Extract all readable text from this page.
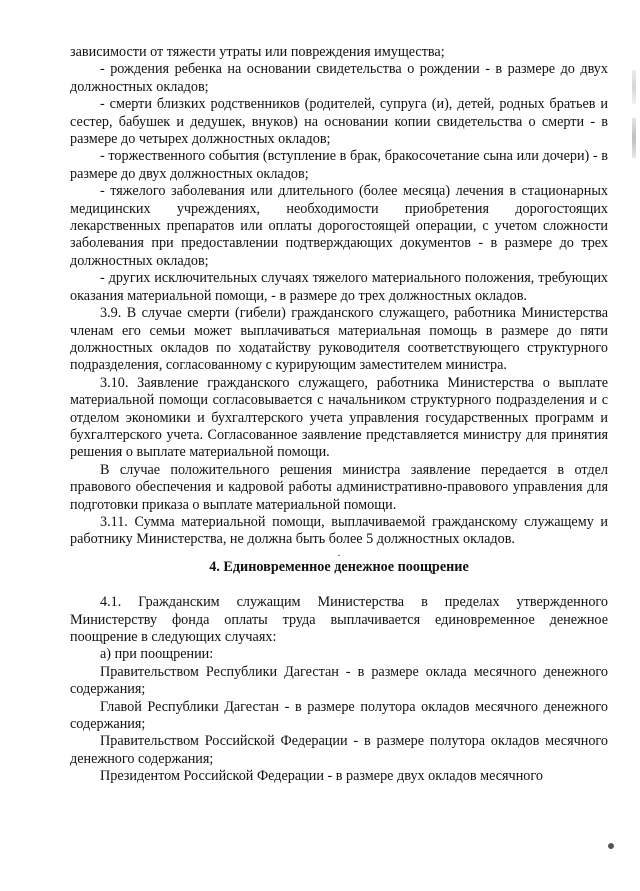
зависимости от тяжести утраты или повреждения имущества;

- рождения ребенка на основании свидетельства о рождении - в размере до двух должностных окладов;

- смерти близких родственников (родителей, супруга (и), детей, родных братьев и сестер, бабушек и дедушек, внуков) на основании копии свидетельства о смерти - в размере до четырех должностных окладов;

- торжественного события (вступление в брак, бракосочетание сына или дочери) - в размере до двух должностных окладов;

- тяжелого заболевания или длительного (более месяца) лечения в стационарных медицинских учреждениях, необходимости приобретения дорогостоящих лекарственных препаратов или оплаты дорогостоящей операции, с учетом сложности заболевания при предоставлении подтверждающих документов - в размере до трех должностных окладов;

- других исключительных случаях тяжелого материального положения, требующих оказания материальной помощи, - в размере до трех должностных окладов.

3.9. В случае смерти (гибели) гражданского служащего, работника Министерства членам его семьи может выплачиваться материальная помощь в размере до пяти должностных окладов по ходатайству руководителя соответствующего структурного подразделения, согласованному с курирующим заместителем министра.

3.10. Заявление гражданского служащего, работника Министерства о выплате материальной помощи согласовывается с начальником структурного подразделения и с отделом экономики и бухгалтерского учета управления государственных программ и бухгалтерского учета. Согласованное заявление представляется министру для принятия решения о выплате материальной помощи.

В случае положительного решения министра заявление передается в отдел правового обеспечения и кадровой работы административно-правового управления для подготовки приказа о выплате материальной помощи.

3.11. Сумма материальной помощи, выплачиваемой гражданскому служащему и работнику Министерства, не должна быть более 5 должностных окладов.

.

4. Единовременное денежное поощрение

4.1. Гражданским служащим Министерства в пределах утвержденного Министерству фонда оплаты труда выплачивается единовременное денежное поощрение в следующих случаях:

а) при поощрении:

Правительством Республики Дагестан - в размере оклада месячного денежного содержания;

Главой Республики Дагестан - в размере полутора окладов месячного денежного содержания;

Правительством Российской Федерации - в размере полутора окладов месячного денежного содержания;

Президентом Российской Федерации - в размере двух окладов месячного
